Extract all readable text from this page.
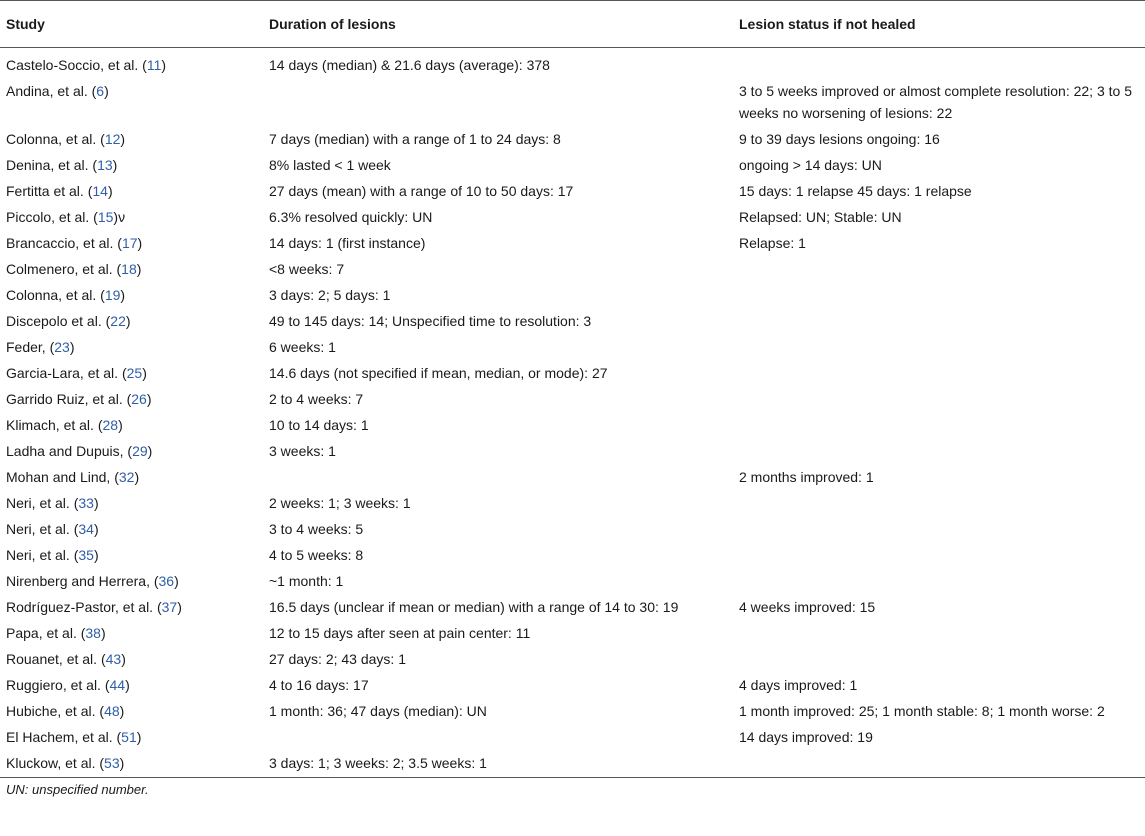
Study	Duration of lesions	Lesion status if not healed
Castelo-Soccio, et al. (11)	14 days (median) & 21.6 days (average): 378	
Andina, et al. (6)		3 to 5 weeks improved or almost complete resolution: 22; 3 to 5 weeks no worsening of lesions: 22
Colonna, et al. (12)	7 days (median) with a range of 1 to 24 days: 8	9 to 39 days lesions ongoing: 16
Denina, et al. (13)	8% lasted < 1 week	ongoing > 14 days: UN
Fertitta et al. (14)	27 days (mean) with a range of 10 to 50 days: 17	15 days: 1 relapse 45 days: 1 relapse
Piccolo, et al. (15)ν	6.3% resolved quickly: UN	Relapsed: UN; Stable: UN
Brancaccio, et al. (17)	14 days: 1 (first instance)	Relapse: 1
Colmenero, et al. (18)	<8 weeks: 7	
Colonna, et al. (19)	3 days: 2; 5 days: 1	
Discepolo et al. (22)	49 to 145 days: 14; Unspecified time to resolution: 3	
Feder, (23)	6 weeks: 1	
Garcia-Lara, et al. (25)	14.6 days (not specified if mean, median, or mode): 27	
Garrido Ruiz, et al. (26)	2 to 4 weeks: 7	
Klimach, et al. (28)	10 to 14 days: 1	
Ladha and Dupuis, (29)	3 weeks: 1	
Mohan and Lind, (32)		2 months improved: 1
Neri, et al. (33)	2 weeks: 1; 3 weeks: 1	
Neri, et al. (34)	3 to 4 weeks: 5	
Neri, et al. (35)	4 to 5 weeks: 8	
Nirenberg and Herrera, (36)	~1 month: 1	
Rodríguez-Pastor, et al. (37)	16.5 days (unclear if mean or median) with a range of 14 to 30: 19	4 weeks improved: 15
Papa, et al. (38)	12 to 15 days after seen at pain center: 11	
Rouanet, et al. (43)	27 days: 2; 43 days: 1	
Ruggiero, et al. (44)	4 to 16 days: 17	4 days improved: 1
Hubiche, et al. (48)	1 month: 36; 47 days (median): UN	1 month improved: 25; 1 month stable: 8; 1 month worse: 2
El Hachem, et al. (51)		14 days improved: 19
Kluckow, et al. (53)	3 days: 1; 3 weeks: 2; 3.5 weeks: 1	
UN: unspecified number.
